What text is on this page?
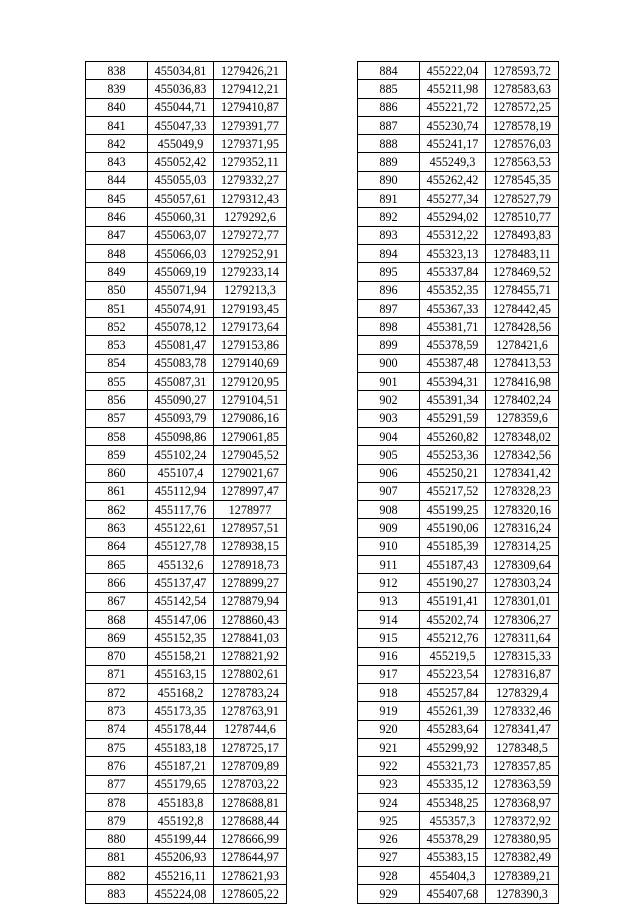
838	455034,81	1279426,21
839	455036,83	1279412,21
840	455044,71	1279410,87
841	455047,33	1279391,77
842	455049,9	1279371,95
843	455052,42	1279352,11
844	455055,03	1279332,27
845	455057,61	1279312,43
846	455060,31	1279292,6
847	455063,07	1279272,77
848	455066,03	1279252,91
849	455069,19	1279233,14
850	455071,94	1279213,3
851	455074,91	1279193,45
852	455078,12	1279173,64
853	455081,47	1279153,86
854	455083,78	1279140,69
855	455087,31	1279120,95
856	455090,27	1279104,51
857	455093,79	1279086,16
858	455098,86	1279061,85
859	455102,24	1279045,52
860	455107,4	1279021,67
861	455112,94	1278997,47
862	455117,76	1278977
863	455122,61	1278957,51
864	455127,78	1278938,15
865	455132,6	1278918,73
866	455137,47	1278899,27
867	455142,54	1278879,94
868	455147,06	1278860,43
869	455152,35	1278841,03
870	455158,21	1278821,92
871	455163,15	1278802,61
872	455168,2	1278783,24
873	455173,35	1278763,91
874	455178,44	1278744,6
875	455183,18	1278725,17
876	455187,21	1278709,89
877	455179,65	1278703,22
878	455183,8	1278688,81
879	455192,8	1278688,44
880	455199,44	1278666,99
881	455206,93	1278644,97
882	455216,11	1278621,93
883	455224,08	1278605,22
884	455222,04	1278593,72
885	455211,98	1278583,63
886	455221,72	1278572,25
887	455230,74	1278578,19
888	455241,17	1278576,03
889	455249,3	1278563,53
890	455262,42	1278545,35
891	455277,34	1278527,79
892	455294,02	1278510,77
893	455312,22	1278493,83
894	455323,13	1278483,11
895	455337,84	1278469,52
896	455352,35	1278455,71
897	455367,33	1278442,45
898	455381,71	1278428,56
899	455378,59	1278421,6
900	455387,48	1278413,53
901	455394,31	1278416,98
902	455391,34	1278402,24
903	455291,59	1278359,6
904	455260,82	1278348,02
905	455253,36	1278342,56
906	455250,21	1278341,42
907	455217,52	1278328,23
908	455199,25	1278320,16
909	455190,06	1278316,24
910	455185,39	1278314,25
911	455187,43	1278309,64
912	455190,27	1278303,24
913	455191,41	1278301,01
914	455202,74	1278306,27
915	455212,76	1278311,64
916	455219,5	1278315,33
917	455223,54	1278316,87
918	455257,84	1278329,4
919	455261,39	1278332,46
920	455283,64	1278341,47
921	455299,92	1278348,5
922	455321,73	1278357,85
923	455335,12	1278363,59
924	455348,25	1278368,97
925	455357,3	1278372,92
926	455378,29	1278380,95
927	455383,15	1278382,49
928	455404,3	1278389,21
929	455407,68	1278390,3
